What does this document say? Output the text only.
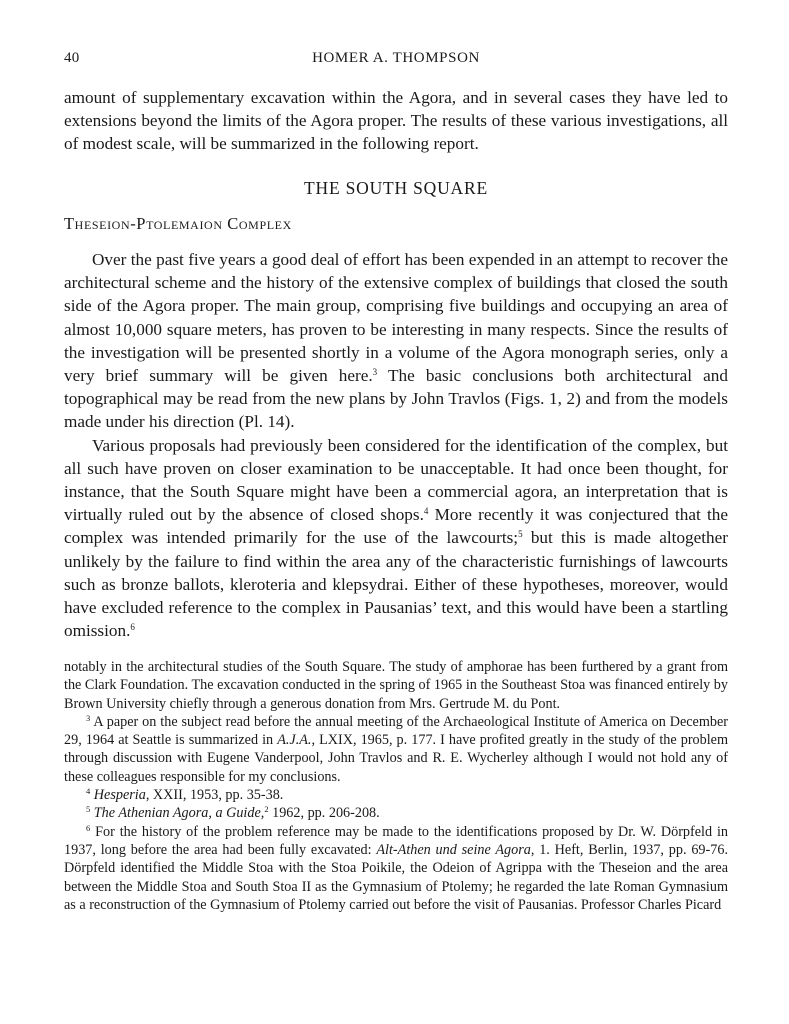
40	HOMER A. THOMPSON

amount of supplementary excavation within the Agora, and in several cases they have led to extensions beyond the limits of the Agora proper. The results of these various investigations, all of modest scale, will be summarized in the following report.

THE SOUTH SQUARE
Theseion-Ptolemaion Complex

Over the past five years a good deal of effort has been expended in an attempt to recover the architectural scheme and the history of the extensive complex of buildings that closed the south side of the Agora proper. The main group, comprising five buildings and occupying an area of almost 10,000 square meters, has proven to be interesting in many respects. Since the results of the investigation will be presented shortly in a volume of the Agora monograph series, only a very brief summary will be given here.$^3$ The basic conclusions both architectural and topographical may be read from the new plans by John Travlos (Figs. 1, 2) and from the models made under his direction (Pl. 14).

Various proposals had previously been considered for the identification of the complex, but all such have proven on closer examination to be unacceptable. It had once been thought, for instance, that the South Square might have been a commercial agora, an interpretation that is virtually ruled out by the absence of closed shops.$^4$ More recently it was conjectured that the complex was intended primarily for the use of the lawcourts;$^5$ but this is made altogether unlikely by the failure to find within the area any of the characteristic furnishings of lawcourts such as bronze ballots, kleroteria and klepsydrai. Either of these hypotheses, moreover, would have excluded reference to the complex in Pausanias’ text, and this would have been a startling omission.$^6$

notably in the architectural studies of the South Square. The study of amphorae has been furthered by a grant from the Clark Foundation. The excavation conducted in the spring of 1965 in the Southeast Stoa was financed entirely by Brown University chiefly through a generous donation from Mrs. Gertrude M. du Pont.

$^3$ A paper on the subject read before the annual meeting of the Archaeological Institute of America on December 29, 1964 at Seattle is summarized in A.J.A., LXIX, 1965, p. 177. I have profited greatly in the study of the problem through discussion with Eugene Vanderpool, John Travlos and R. E. Wycherley although I would not hold any of these colleagues responsible for my conclusions.

$^4$ Hesperia, XXII, 1953, pp. 35-38.

$^5$ The Athenian Agora, a Guide,$^2$ 1962, pp. 206-208.

$^6$ For the history of the problem reference may be made to the identifications proposed by Dr. W. Dörpfeld in 1937, long before the area had been fully excavated: Alt-Athen und seine Agora, 1. Heft, Berlin, 1937, pp. 69-76. Dörpfeld identified the Middle Stoa with the Stoa Poikile, the Odeion of Agrippa with the Theseion and the area between the Middle Stoa and South Stoa II as the Gymnasium of Ptolemy; he regarded the late Roman Gymnasium as a reconstruction of the Gymnasium of Ptolemy carried out before the visit of Pausanias. Professor Charles Picard
